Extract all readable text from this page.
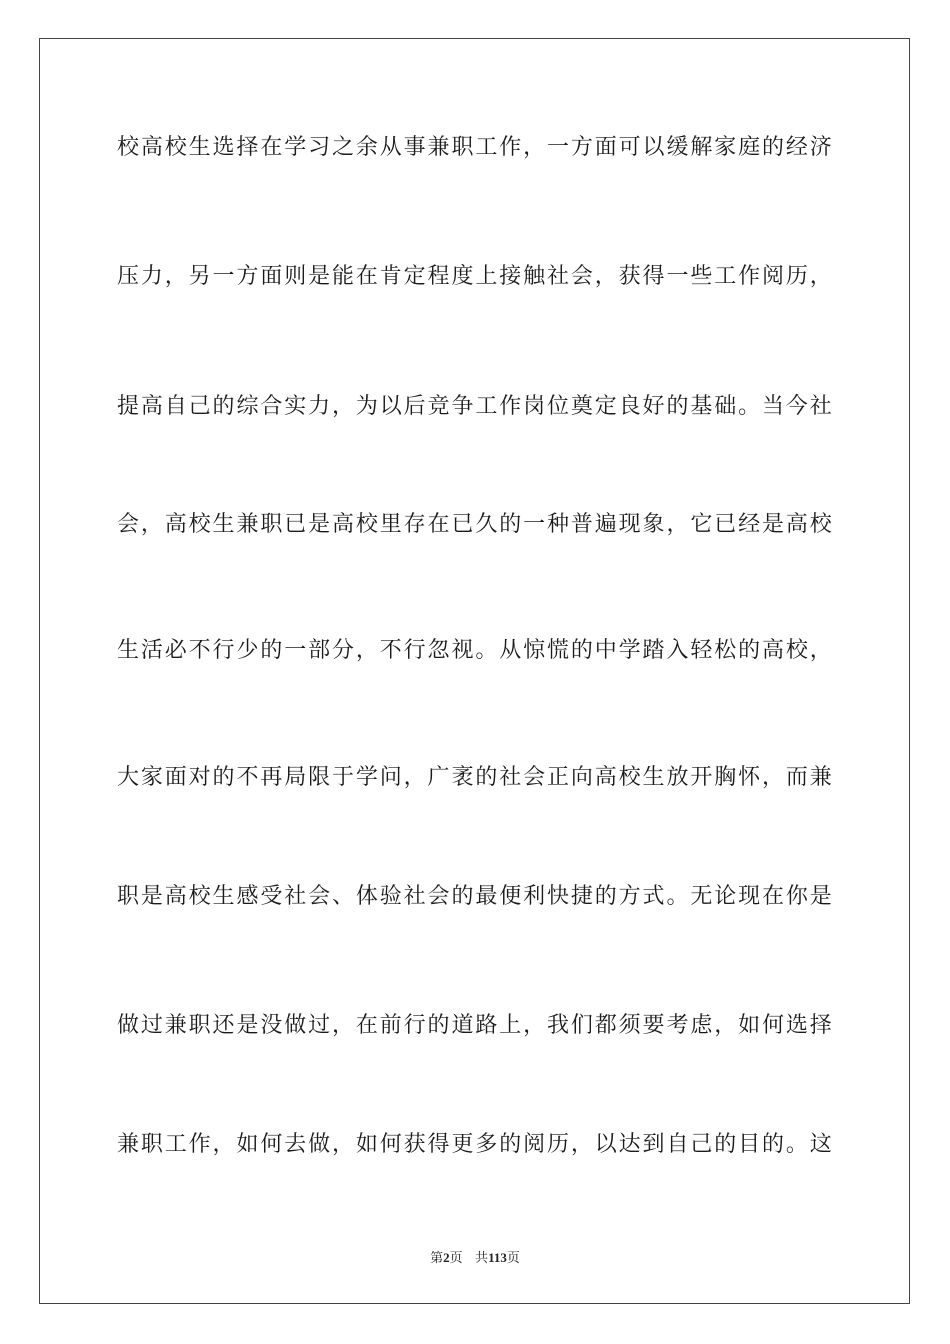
校高校生选择在学习之余从事兼职工作，一方面可以缓解家庭的经济
压力，另一方面则是能在肯定程度上接触社会，获得一些工作阅历，
提高自己的综合实力，为以后竞争工作岗位奠定良好的基础。当今社
会，高校生兼职已是高校里存在已久的一种普遍现象，它已经是高校
生活必不行少的一部分，不行忽视。从惊慌的中学踏入轻松的高校，
大家面对的不再局限于学问，广袤的社会正向高校生放开胸怀，而兼
职是高校生感受社会、体验社会的最便利快捷的方式。无论现在你是
做过兼职还是没做过，在前行的道路上，我们都须要考虑，如何选择
兼职工作，如何去做，如何获得更多的阅历，以达到自己的目的。这
第2页 共113页
